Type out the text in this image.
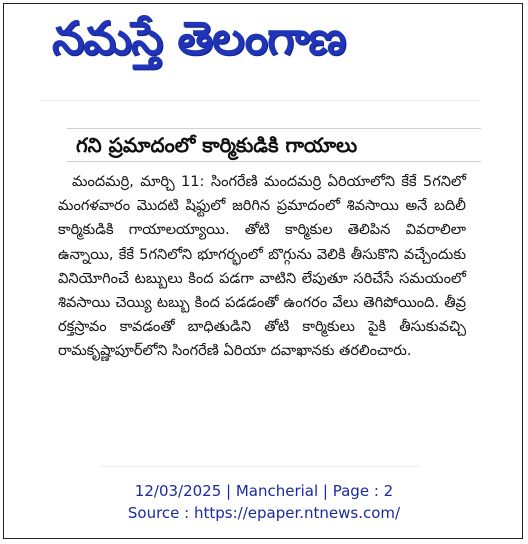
నమస్తే తెలంగాణ
గని ప్రమాదంలో కార్మికుడికి గాయాలు

మందమర్రి, మార్చి 11: సింగరేణి మందమర్రి ఏరియాలోని కేకే 5గనిలో మంగళవారం మొదటి షిఫ్టులో జరిగిన ప్రమాదంలో శివసాయి అనే బదిలీ కార్మికుడికి గాయాలయ్యాయి. తోటి కార్మికుల తెలిపిన వివరాలిలా ఉన్నాయి, కేకే 5గనిలోని భూగర్భంలో బొగ్గును వెలికి తీసుకొని వచ్చేందుకు వినియోగించే టబ్బులు కింద పడగా వాటిని లేపుతూ సరిచేసే సమయంలో శివసాయి చెయ్యి టబ్బు కింద పడడంతో ఉంగరం వేలు తెగిపోయింది. తీవ్ర రక్తస్రావం కావడంతో బాధితుడిని తోటి కార్మికులు పైకి తీసుకువచ్చి రామకృష్ణాపూర్‌లోని సింగరేణి ఏరియా దవాఖానకు తరలించారు.

12/03/2025 | Mancherial | Page : 2
Source : https://epaper.ntnews.com/
